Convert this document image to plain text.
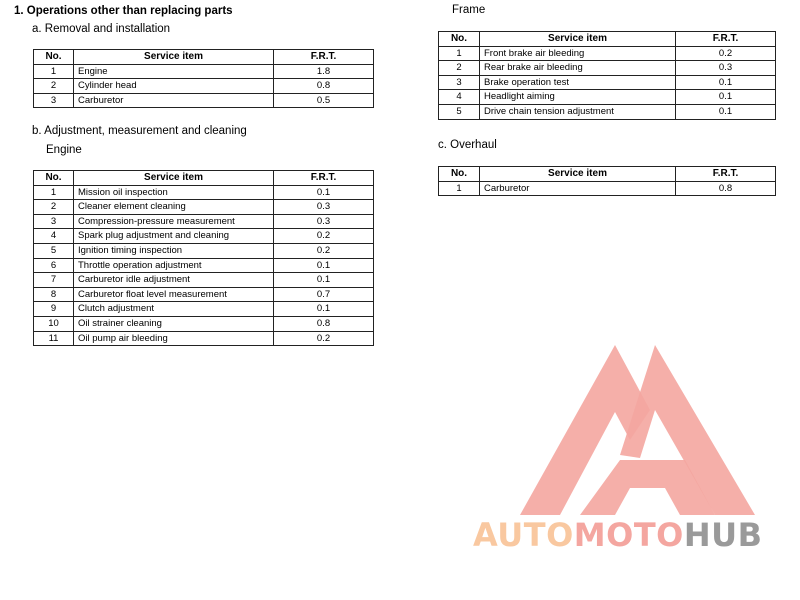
1. Operations other than replacing parts
a. Removal and installation
No.	Service item	F.R.T.
1	Engine	1.8
2	Cylinder head	0.8
3	Carburetor	0.5
b. Adjustment, measurement and cleaning
Engine
No.	Service item	F.R.T.
1	Mission oil inspection	0.1
2	Cleaner element cleaning	0.3
3	Compression-pressure measurement	0.3
4	Spark plug adjustment and cleaning	0.2
5	Ignition timing inspection	0.2
6	Throttle operation adjustment	0.1
7	Carburetor idle adjustment	0.1
8	Carburetor float level measurement	0.7
9	Clutch adjustment	0.1
10	Oil strainer cleaning	0.8
11	Oil pump air bleeding	0.2
Frame
No.	Service item	F.R.T.
1	Front brake air bleeding	0.2
2	Rear brake air bleeding	0.3
3	Brake operation test	0.1
4	Headlight aiming	0.1
5	Drive chain tension adjustment	0.1
c. Overhaul
No.	Service item	F.R.T.
1	Carburetor	0.8
AUTOMOTOHUB
